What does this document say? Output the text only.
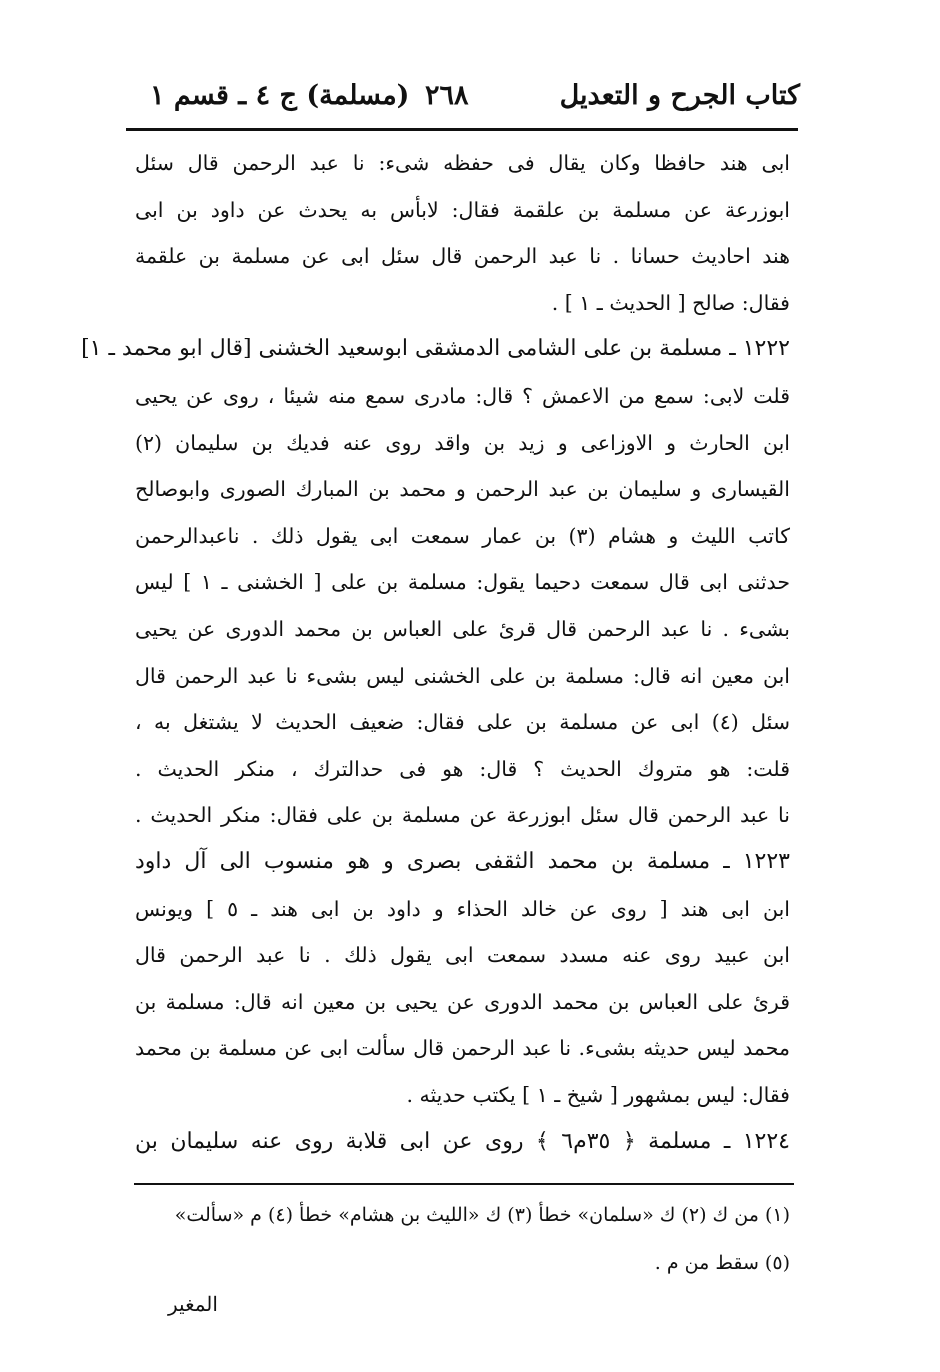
كتاب الجرح و التعديل
٢٦٨
(مسلمة) ج ٤ ـ قسم ١
ابى هند حافظا وكان يقال فى حفظه شىء: نا عبد الرحمن قال سئل
ابوزرعة عن مسلمة بن علقمة فقال: لابأس به يحدث عن داود بن ابى
هند احاديث حسانا . نا عبد الرحمن قال سئل ابى عن مسلمة بن علقمة
فقال: صالح [ الحديث ـ ١ ] .
١٢٢٢ ـ مسلمة بن على الشامى الدمشقى ابوسعيد الخشنى [قال ابو محمد ـ ١]
قلت لابى: سمع من الاعمش ؟ قال: مادرى سمع منه شيئا ، روى عن يحيى
ابن الحارث و الاوزاعى و زيد بن واقد روى عنه فديك بن سليمان (٢)
القيسارى و سليمان بن عبد الرحمن و محمد بن المبارك الصورى وابوصالح
كاتب الليث و هشام (٣) بن عمار سمعت ابى يقول ذلك . ناعبدالرحمن
حدثنى ابى قال سمعت دحيما يقول: مسلمة بن على [ الخشنى ـ ١ ] ليس
بشىء . نا عبد الرحمن قال قرئ على العباس بن محمد الدورى عن يحيى
ابن معين انه قال: مسلمة بن على الخشنى ليس بشىء نا عبد الرحمن قال
سئل (٤) ابى عن مسلمة بن على فقال: ضعيف الحديث لا يشتغل به ،
قلت: هو متروك الحديث ؟ قال: هو فى حدالترك ، منكر الحديث .
نا عبد الرحمن قال سئل ابوزرعة عن مسلمة بن على فقال: منكر الحديث .
١٢٢٣ ـ مسلمة بن محمد الثقفى بصرى و هو منسوب الى آل داود
ابن ابى هند [ روى عن خالد الحذاء و داود بن ابى هند ـ ٥ ] ويونس
ابن عبيد روى عنه مسدد سمعت ابى يقول ذلك . نا عبد الرحمن قال
قرئ على العباس بن محمد الدورى عن يحيى بن معين انه قال: مسلمة بن
محمد ليس حديثه بشىء. نا عبد الرحمن قال سألت ابى عن مسلمة بن محمد
فقال: ليس بمشهور [ شيخ ـ ١ ] يكتب حديثه .
١٢٢٤ ـ مسلمة ﴿ ٣٥م٦ ﴾ روى عن ابى قلابة روى عنه سليمان بن
(١) من ك (٢) ك «سلمان» خطأ (٣) ك «الليث بن هشام» خطأ (٤) م «سألت»
(٥) سقط من م .
المغير
